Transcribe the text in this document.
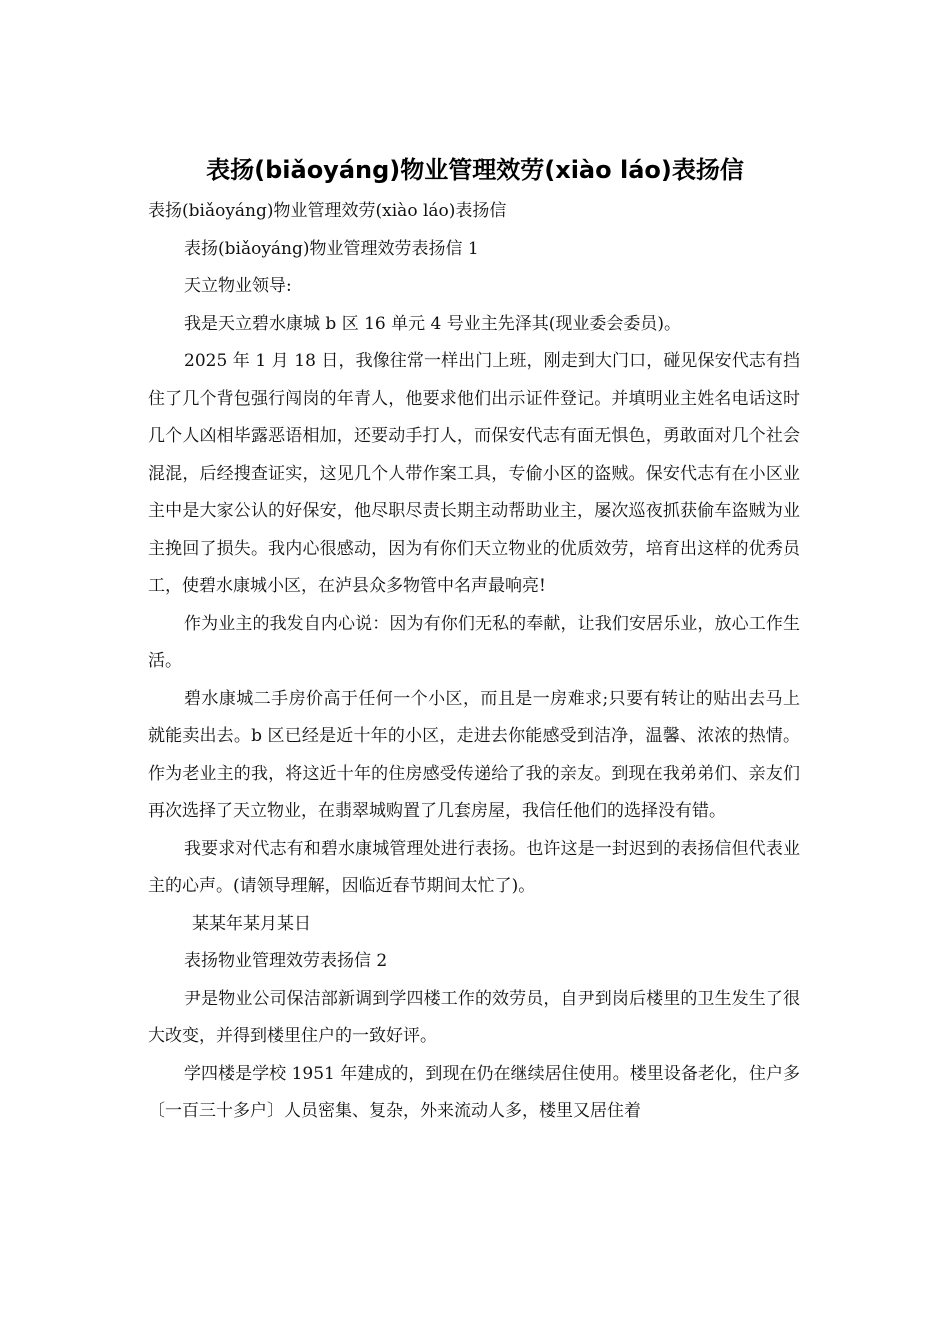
表扬(biǎoyáng)物业管理效劳(xiào láo)表扬信

表扬(biǎoyáng)物业管理效劳(xiào láo)表扬信

表扬(biǎoyáng)物业管理效劳表扬信 1

天立物业领导:

我是天立碧水康城 b 区 16 单元 4 号业主先泽其(现业委会委员)。

2025 年 1 月 18 日，我像往常一样出门上班，刚走到大门口，碰见保安代志有挡住了几个背包强行闯岗的年青人，他要求他们出示证件登记。并填明业主姓名电话这时几个人凶相毕露恶语相加，还要动手打人，而保安代志有面无惧色，勇敢面对几个社会混混，后经搜查证实，这见几个人带作案工具，专偷小区的盗贼。保安代志有在小区业主中是大家公认的好保安，他尽职尽责长期主动帮助业主，屡次巡夜抓获偷车盗贼为业主挽回了损失。我内心很感动，因为有你们天立物业的优质效劳，培育出这样的优秀员工，使碧水康城小区，在泸县众多物管中名声最响亮!

作为业主的我发自内心说：因为有你们无私的奉献，让我们安居乐业，放心工作生活。

碧水康城二手房价高于任何一个小区，而且是一房难求;只要有转让的贴出去马上就能卖出去。b 区已经是近十年的小区，走进去你能感受到洁净，温馨、浓浓的热情。作为老业主的我，将这近十年的住房感受传递给了我的亲友。到现在我弟弟们、亲友们再次选择了天立物业，在翡翠城购置了几套房屋，我信任他们的选择没有错。

我要求对代志有和碧水康城管理处进行表扬。也许这是一封迟到的表扬信但代表业主的心声。(请领导理解，因临近春节期间太忙了)。

某某年某月某日

表扬物业管理效劳表扬信 2

尹是物业公司保洁部新调到学四楼工作的效劳员，自尹到岗后楼里的卫生发生了很大改变，并得到楼里住户的一致好评。

学四楼是学校 1951 年建成的，到现在仍在继续居住使用。楼里设备老化，住户多〔一百三十多户〕人员密集、复杂，外来流动人多，楼里又居住着
